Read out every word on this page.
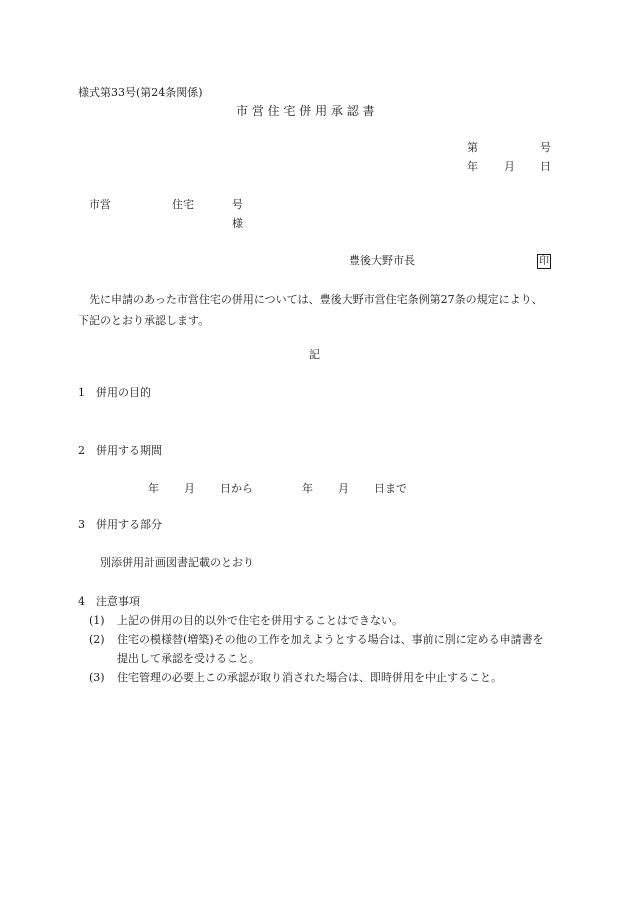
様式第33号(第24条関係)
市 営 住 宅 併 用 承 認 書
第	号
年 月 日
市営	住宅	号
様
豊後大野市長	印

先に申請のあった市営住宅の併用については、豊後大野市営住宅条例第27条の規定により、下記のとおり承認します。

記
1　併用の目的
2　併用する期間
年 月 日から	年 月 日まで
3　併用する部分
別添併用計画図書記載のとおり
4　注意事項
(1)	上記の併用の目的以外で住宅を併用することはできない。
(2)	住宅の模様替(増築)その他の工作を加えようとする場合は、事前に別に定める申請書を提出して承認を受けること。
(3)	住宅管理の必要上この承認が取り消された場合は、即時併用を中止すること。
